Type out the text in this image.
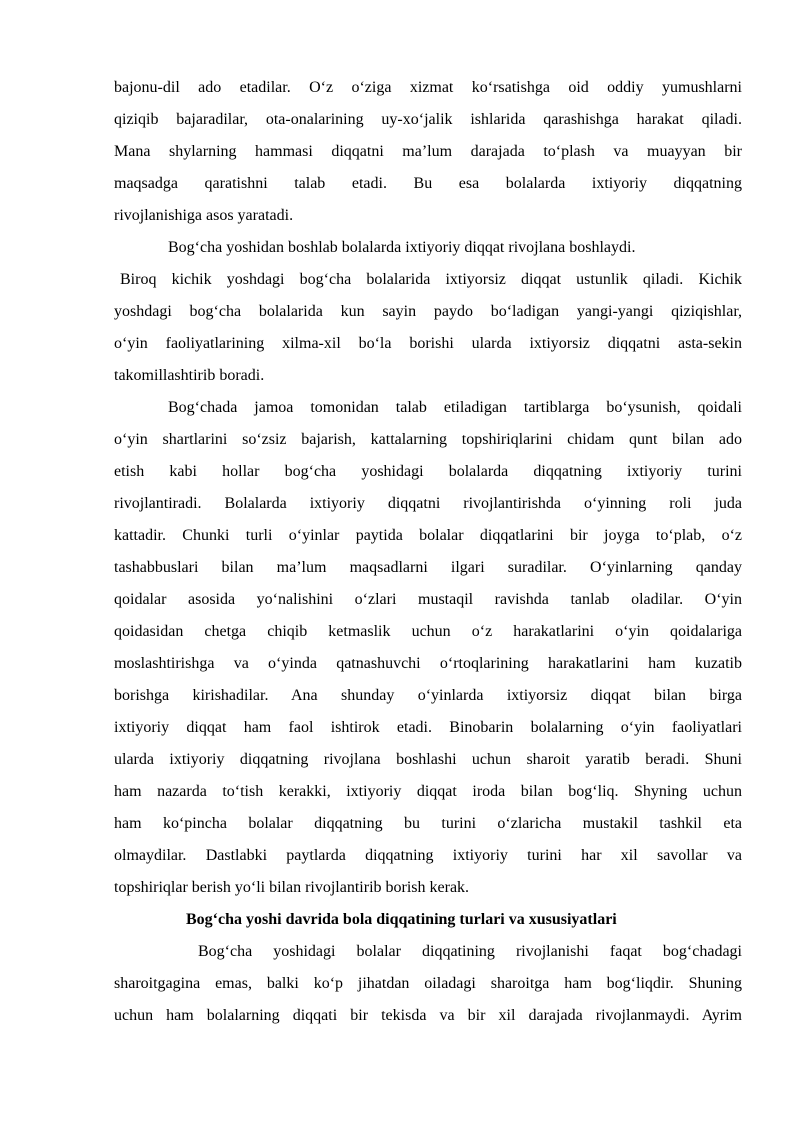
bajonu-dil ado etadilar. O‘z o‘ziga xizmat ko‘rsatishga oid oddiy yumushlarni
qiziqib bajaradilar, ota-onalarining uy-xo‘jalik ishlarida qarashishga harakat qiladi.
Mana shylarning hammasi diqqatni ma’lum darajada to‘plash va muayyan bir
maqsadga qaratishni talab etadi. Bu esa bolalarda ixtiyoriy diqqatning
rivojlanishiga asos yaratadi.
Bog‘cha yoshidan boshlab bolalarda ixtiyoriy diqqat rivojlana boshlaydi.
Biroq kichik yoshdagi bog‘cha bolalarida ixtiyorsiz diqqat ustunlik qiladi. Kichik
yoshdagi bog‘cha bolalarida kun sayin paydo bo‘ladigan yangi-yangi qiziqishlar,
o‘yin faoliyatlarining xilma-xil bo‘la borishi ularda ixtiyorsiz diqqatni asta-sekin
takomillashtirib boradi.
Bog‘chada jamoa tomonidan talab etiladigan tartiblarga bo‘ysunish, qoidali
o‘yin shartlarini so‘zsiz bajarish, kattalarning topshiriqlarini chidam qunt bilan ado
etish kabi hollar bog‘cha yoshidagi bolalarda diqqatning ixtiyoriy turini
rivojlantiradi. Bolalarda ixtiyoriy diqqatni rivojlantirishda o‘yinning roli juda
kattadir. Chunki turli o‘yinlar paytida bolalar diqqatlarini bir joyga to‘plab, o‘z
tashabbuslari bilan ma’lum maqsadlarni ilgari suradilar. O‘yinlarning qanday
qoidalar asosida yo‘nalishini o‘zlari mustaqil ravishda tanlab oladilar. O‘yin
qoidasidan chetga chiqib ketmaslik uchun o‘z harakatlarini o‘yin qoidalariga
moslashtirishga va o‘yinda qatnashuvchi o‘rtoqlarining harakatlarini ham kuzatib
borishga kirishadilar. Ana shunday o‘yinlarda ixtiyorsiz diqqat bilan birga
ixtiyoriy diqqat ham faol ishtirok etadi. Binobarin bolalarning o‘yin faoliyatlari
ularda ixtiyoriy diqqatning rivojlana boshlashi uchun sharoit yaratib beradi. Shuni
ham nazarda to‘tish kerakki, ixtiyoriy diqqat iroda bilan bog‘liq. Shyning uchun
ham ko‘pincha bolalar diqqatning bu turini o‘zlaricha mustakil tashkil eta
olmaydilar. Dastlabki paytlarda diqqatning ixtiyoriy turini har xil savollar va
topshiriqlar berish yo‘li bilan rivojlantirib borish kerak.
Bog‘cha yoshi davrida bola diqqatining turlari va xususiyatlari
Bog‘cha yoshidagi bolalar diqqatining rivojlanishi faqat bog‘chadagi
sharoitgagina emas, balki ko‘p jihatdan oiladagi sharoitga ham bog‘liqdir. Shuning
uchun ham bolalarning diqqati bir tekisda va bir xil darajada rivojlanmaydi. Ayrim
